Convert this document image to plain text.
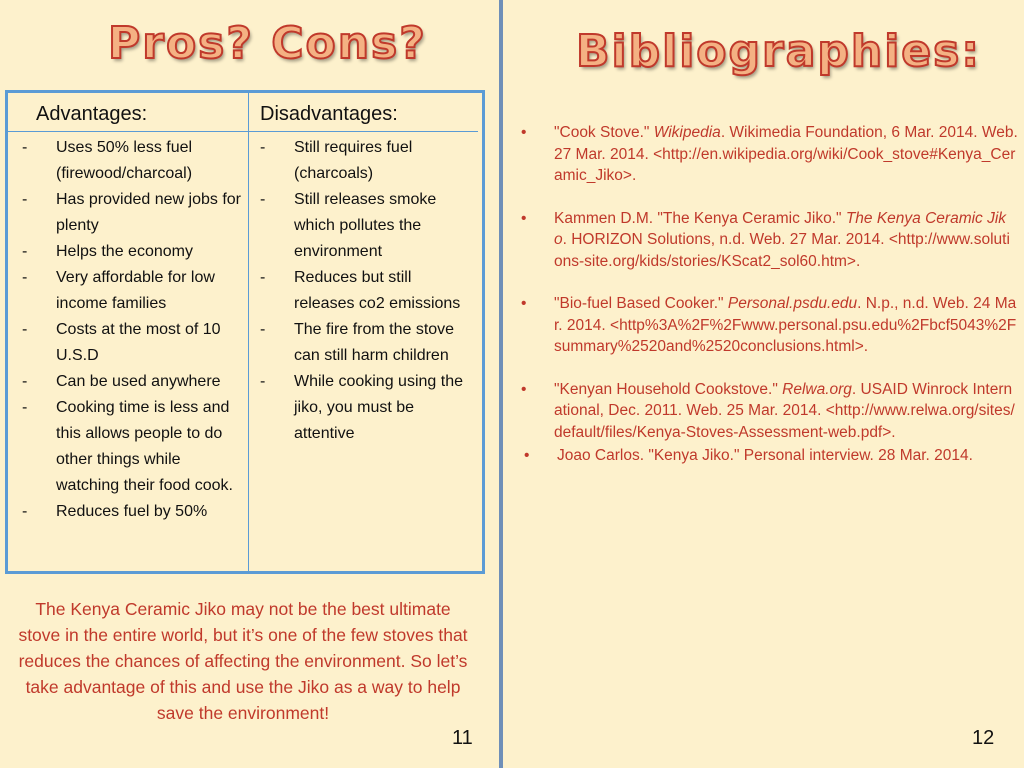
Pros? Cons?
Advantages:	Disadvantages:
- Uses 50% less fuel (firewood/charcoal)
- Has provided new jobs for plenty
- Helps the economy
- Very affordable for low income families
- Costs at the most of 10 U.S.D
- Can be used anywhere
- Cooking time is less and this allows people to do other things while watching their food cook.
- Reduces fuel by 50%
- Still requires fuel (charcoals)
- Still releases smoke which pollutes the environment
- Reduces but still releases co2 emissions
- The fire from the stove can still harm children
- While cooking using the jiko, you must be attentive

The Kenya Ceramic Jiko may not be the best ultimate stove in the entire world, but it’s one of the few stoves that reduces the chances of affecting the environment. So let’s take advantage of this and use the Jiko as a way to help save the environment!

11
Bibliographies:
• "Cook Stove." Wikipedia. Wikimedia Foundation, 6 Mar. 2014. Web. 27 Mar. 2014. <http://en.wikipedia.org/wiki/Cook_stove#Kenya_Ceramic_Jiko>.
• Kammen D.M. "The Kenya Ceramic Jiko." The Kenya Ceramic Jiko. HORIZON Solutions, n.d. Web. 27 Mar. 2014. <http://www.solutions-site.org/kids/stories/KScat2_sol60.htm>.
• "Bio-fuel Based Cooker." Personal.psdu.edu. N.p., n.d. Web. 24 Mar. 2014. <http%3A%2F%2Fwww.personal.psu.edu%2Fbcf5043%2Fsummary%2520and%2520conclusions.html>.
• "Kenyan Household Cookstove." Relwa.org. USAID Winrock International, Dec. 2011. Web. 25 Mar. 2014. <http://www.relwa.org/sites/default/files/Kenya-Stoves-Assessment-web.pdf>.
• Joao Carlos. "Kenya Jiko." Personal interview. 28 Mar. 2014.
12
